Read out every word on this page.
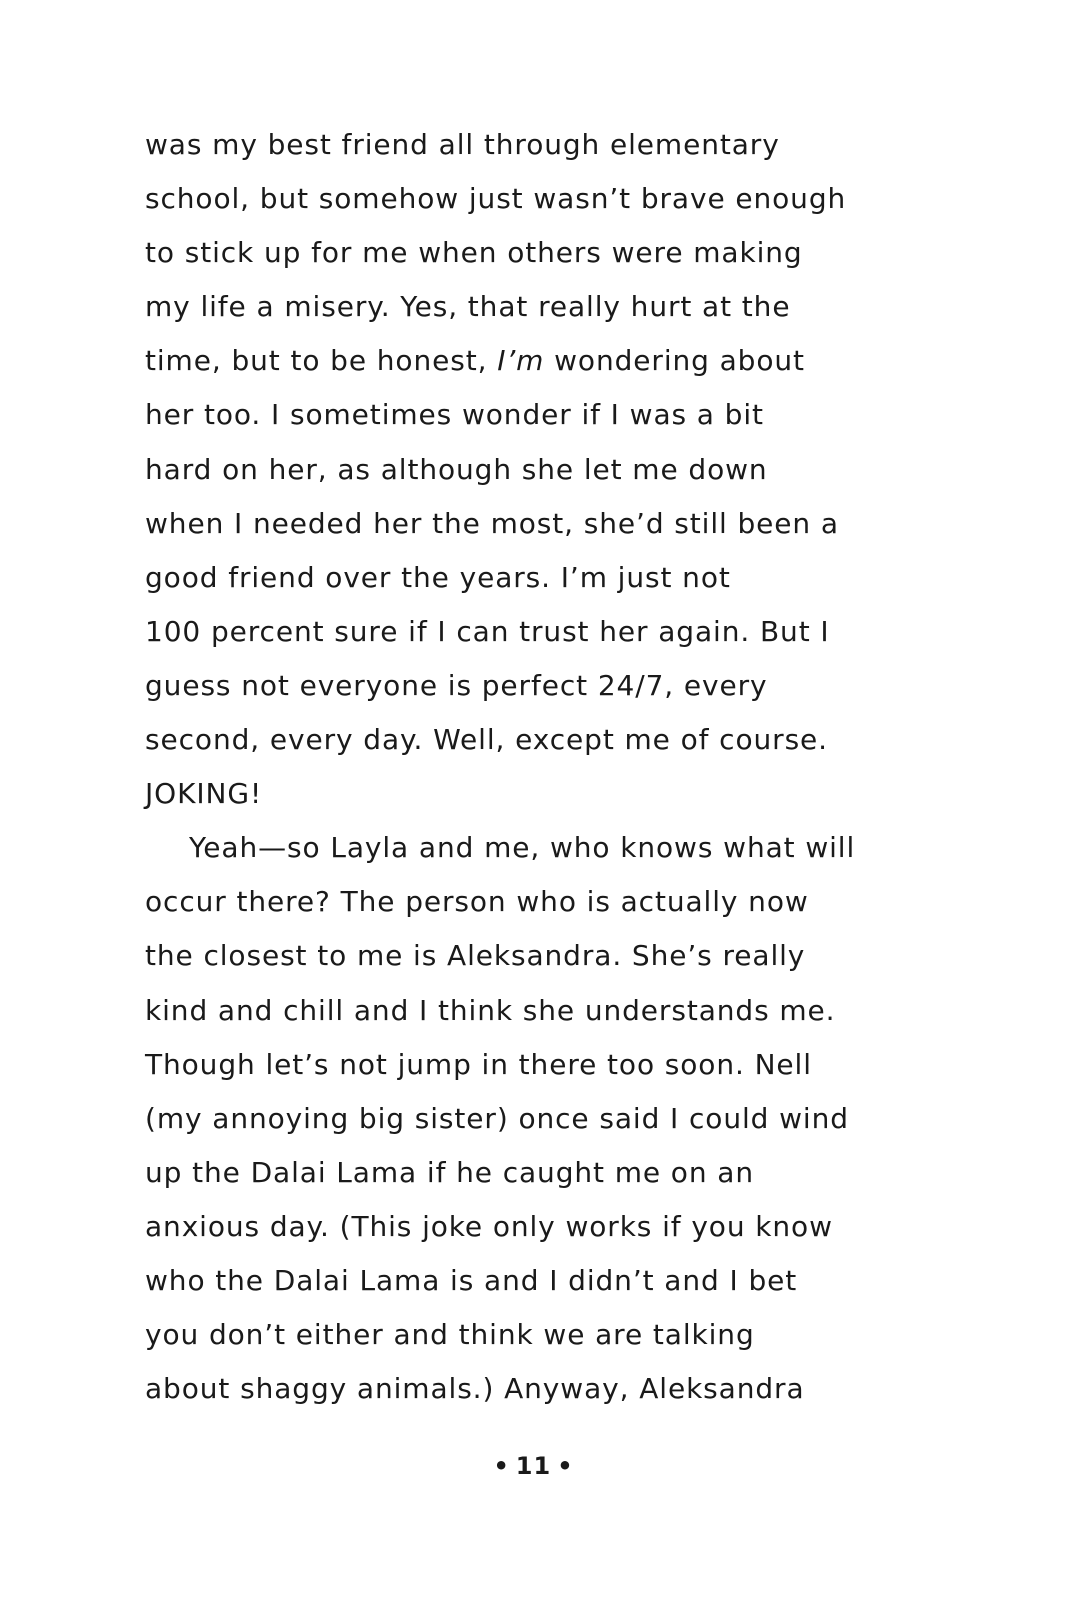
was my best friend all through elementary
school, but somehow just wasn’t brave enough
to stick up for me when others were making
my life a misery. Yes, that really hurt at the
time, but to be honest, I’m wondering about
her too. I sometimes wonder if I was a bit
hard on her, as although she let me down
when I needed her the most, she’d still been a
good friend over the years. I’m just not
100 percent sure if I can trust her again. But I
guess not everyone is perfect 24/7, every
second, every day. Well, except me of course.
JOKING!
Yeah—so Layla and me, who knows what will
occur there? The person who is actually now
the closest to me is Aleksandra. She’s really
kind and chill and I think she understands me.
Though let’s not jump in there too soon. Nell
(my annoying big sister) once said I could wind
up the Dalai Lama if he caught me on an
anxious day. (This joke only works if you know
who the Dalai Lama is and I didn’t and I bet
you don’t either and think we are talking
about shaggy animals.) Anyway, Aleksandra
• 11 •
